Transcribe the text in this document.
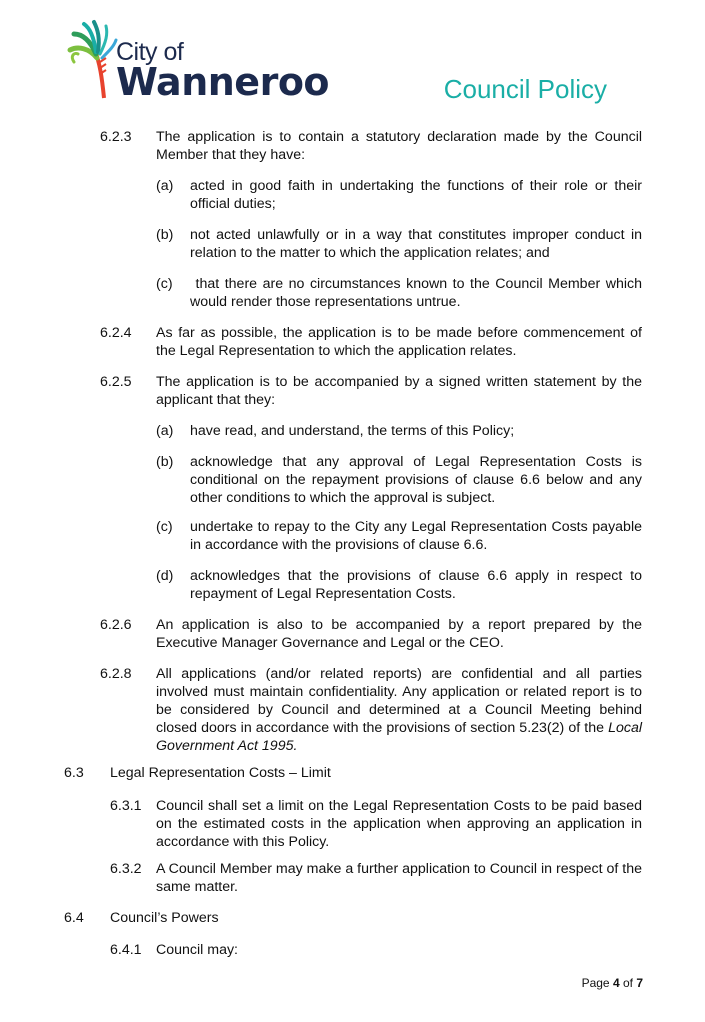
City of
Wanneroo	Council Policy
6.2.3 The application is to contain a statutory declaration made by the Council Member that they have:
(a) acted in good faith in undertaking the functions of their role or their official duties;
(b) not acted unlawfully or in a way that constitutes improper conduct in relation to the matter to which the application relates; and
(c) that there are no circumstances known to the Council Member which would render those representations untrue.
6.2.4 As far as possible, the application is to be made before commencement of the Legal Representation to which the application relates.
6.2.5 The application is to be accompanied by a signed written statement by the applicant that they:
(a) have read, and understand, the terms of this Policy;
(b) acknowledge that any approval of Legal Representation Costs is conditional on the repayment provisions of clause 6.6 below and any other conditions to which the approval is subject.
(c) undertake to repay to the City any Legal Representation Costs payable in accordance with the provisions of clause 6.6.
(d) acknowledges that the provisions of clause 6.6 apply in respect to repayment of Legal Representation Costs.
6.2.6 An application is also to be accompanied by a report prepared by the Executive Manager Governance and Legal or the CEO.
6.2.8 All applications (and/or related reports) are confidential and all parties involved must maintain confidentiality. Any application or related report is to be considered by Council and determined at a Council Meeting behind closed doors in accordance with the provisions of section 5.23(2) of the Local Government Act 1995.
6.3 Legal Representation Costs – Limit
6.3.1 Council shall set a limit on the Legal Representation Costs to be paid based on the estimated costs in the application when approving an application in accordance with this Policy.
6.3.2 A Council Member may make a further application to Council in respect of the same matter.
6.4 Council’s Powers
6.4.1 Council may:
Page 4 of 7
